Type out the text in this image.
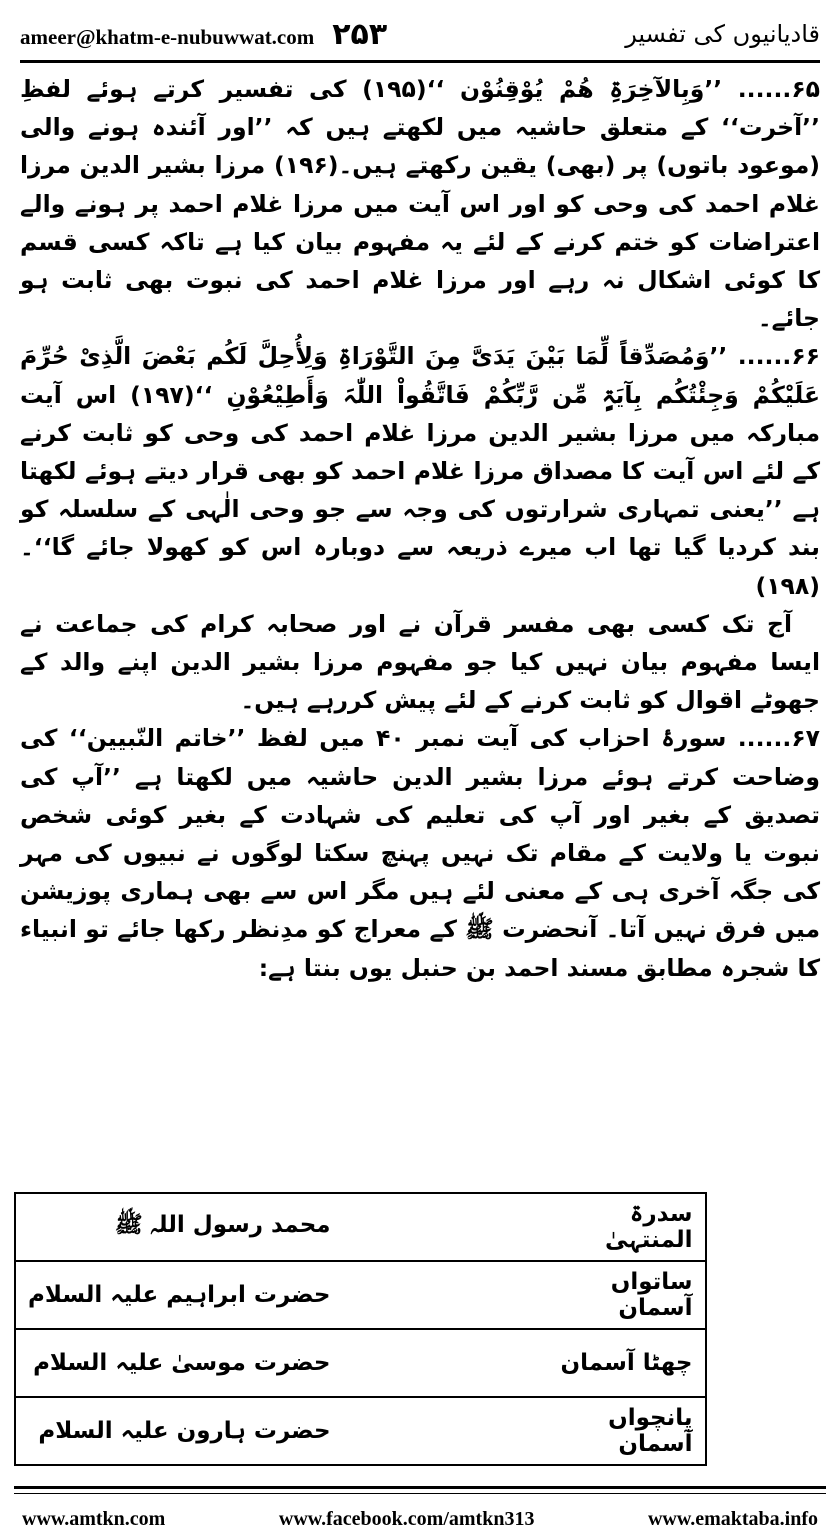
ameer@khatm-e-nubuwwat.com ۲۵۳	قادیانیوں کی تفسیر

۶۵...... ’’وَبِالآخِرَۃِ ھُمْ یُوْقِنُوْن ‘‘(۱۹۵) کی تفسیر کرتے ہوئے لفظِ ’’آخرت‘‘ کے متعلق حاشیہ میں لکھتے ہیں کہ ’’اور آئندہ ہونے والی (موعود باتوں) پر (بھی) یقین رکھتے ہیں۔(۱۹۶) مرزا بشیر الدین مرزا غلام احمد کی وحی کو اور اس آیت میں مرزا غلام احمد پر ہونے والے اعتراضات کو ختم کرنے کے لئے یہ مفہوم بیان کیا ہے تاکہ کسی قسم کا کوئی اشکال نہ رہے اور مرزا غلام احمد کی نبوت بھی ثابت ہو جائے۔

۶۶...... ’’وَمُصَدِّقاً لِّمَا بَیْنَ یَدَیَّ مِنَ التَّوْرَاۃِ وَلِأُحِلَّ لَکُم بَعْضَ الَّذِیْ حُرِّمَ عَلَیْکُمْ وَجِئْتُکُم بِآیَۃٍ مِّن رَّبِّکُمْ فَاتَّقُواْ اللّٰہَ وَأَطِیْعُوْنِ ‘‘(۱۹۷) اس آیت مبارکہ میں مرزا بشیر الدین مرزا غلام احمد کی وحی کو ثابت کرنے کے لئے اس آیت کا مصداق مرزا غلام احمد کو بھی قرار دیتے ہوئے لکھتا ہے ’’یعنی تمہاری شرارتوں کی وجہ سے جو وحی الٰہی کے سلسلہ کو بند کردیا گیا تھا اب میرے ذریعہ سے دوبارہ اس کو کھولا جائے گا‘‘۔(۱۹۸)

آج تک کسی بھی مفسر قرآن نے اور صحابہ کرام کی جماعت نے ایسا مفہوم بیان نہیں کیا جو مفہوم مرزا بشیر الدین اپنے والد کے جھوٹے اقوال کو ثابت کرنے کے لئے پیش کررہے ہیں۔

۶۷...... سورۂ احزاب کی آیت نمبر ۴۰ میں لفظ ’’خاتم النّبیین‘‘ کی وضاحت کرتے ہوئے مرزا بشیر الدین حاشیہ میں لکھتا ہے ’’آپ کی تصدیق کے بغیر اور آپ کی تعلیم کی شہادت کے بغیر کوئی شخص نبوت یا ولایت کے مقام تک نہیں پہنچ سکتا لوگوں نے نبیوں کی مہر کی جگہ آخری ہی کے معنی لئے ہیں مگر اس سے بھی ہماری پوزیشن میں فرق نہیں آتا۔ آنحضرت ﷺ کے معراج کو مدِنظر رکھا جائے تو انبیاء کا شجرہ مطابق مسند احمد بن حنبل یوں بنتا ہے:

سدرۃ المنتہیٰ	محمد رسول اللہ ﷺ
ساتواں آسمان	حضرت ابراہیم علیہ السلام
چھٹا آسمان	حضرت موسیٰ علیہ السلام
پانچواں آسمان	حضرت ہارون علیہ السلام
www.amtkn.com	www.facebook.com/amtkn313	www.emaktaba.info
